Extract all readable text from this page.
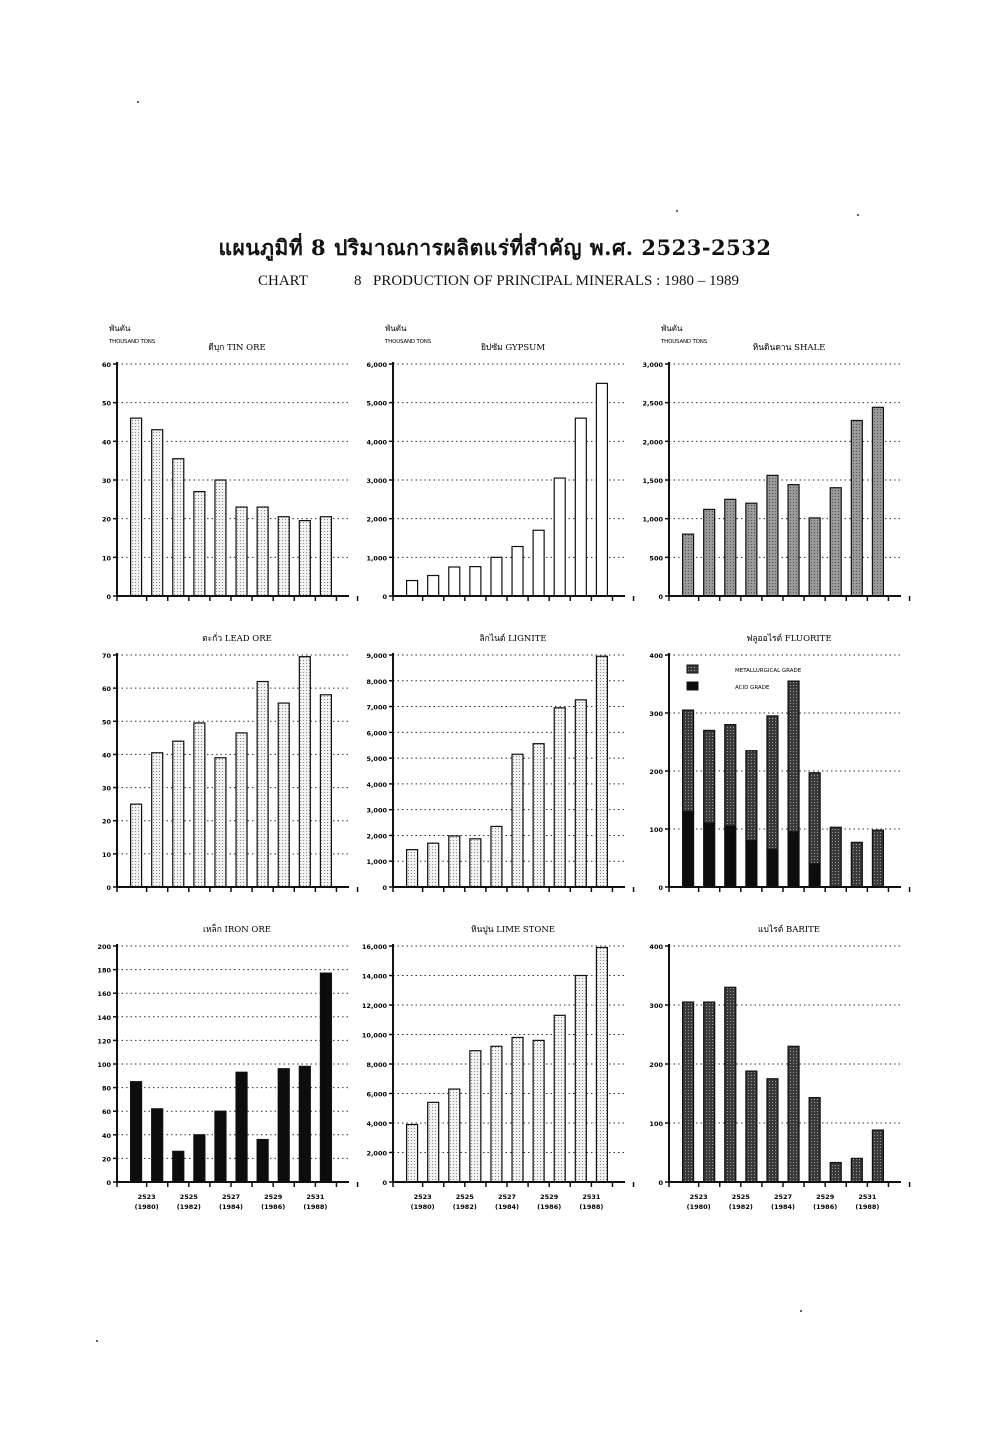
แผนภูมิที่ 8 ปริมาณการผลิตแร่ที่สำคัญ พ.ศ. 2523-2532
CHART	8 PRODUCTION OF PRINCIPAL MINERALS : 1980 – 1989
พันตัน
THOUSAND TONS
ดีบุก TIN ORE
0
10
20
30
40
50
60
พันตัน
THOUSAND TONS
ยิปซัม GYPSUM
0
1,000
2,000
3,000
4,000
5,000
6,000
พันตัน
THOUSAND TONS
หินดินดาน SHALE
0
500
1,000
1,500
2,000
2,500
3,000
ตะกั่ว LEAD ORE
0
10
20
30
40
50
60
70
ลิกไนต์ LIGNITE
0
1,000
2,000
3,000
4,000
5,000
6,000
7,000
8,000
9,000
ฟลูออไรต์ FLUORITE
0
100
200
300
400
METALLURGICAL GRADE
ACID GRADE
เหล็ก IRON ORE
0
20
40
60
80
100
120
140
160
180
200
2523
(1980)
2525
(1982)
2527
(1984)
2529
(1986)
2531
(1988)
หินปูน LIME STONE
0
2,000
4,000
6,000
8,000
10,000
12,000
14,000
16,000
2523
(1980)
2525
(1982)
2527
(1984)
2529
(1986)
2531
(1988)
แบไรต์ BARITE
0
100
200
300
400
2523
(1980)
2525
(1982)
2527
(1984)
2529
(1986)
2531
(1988)
